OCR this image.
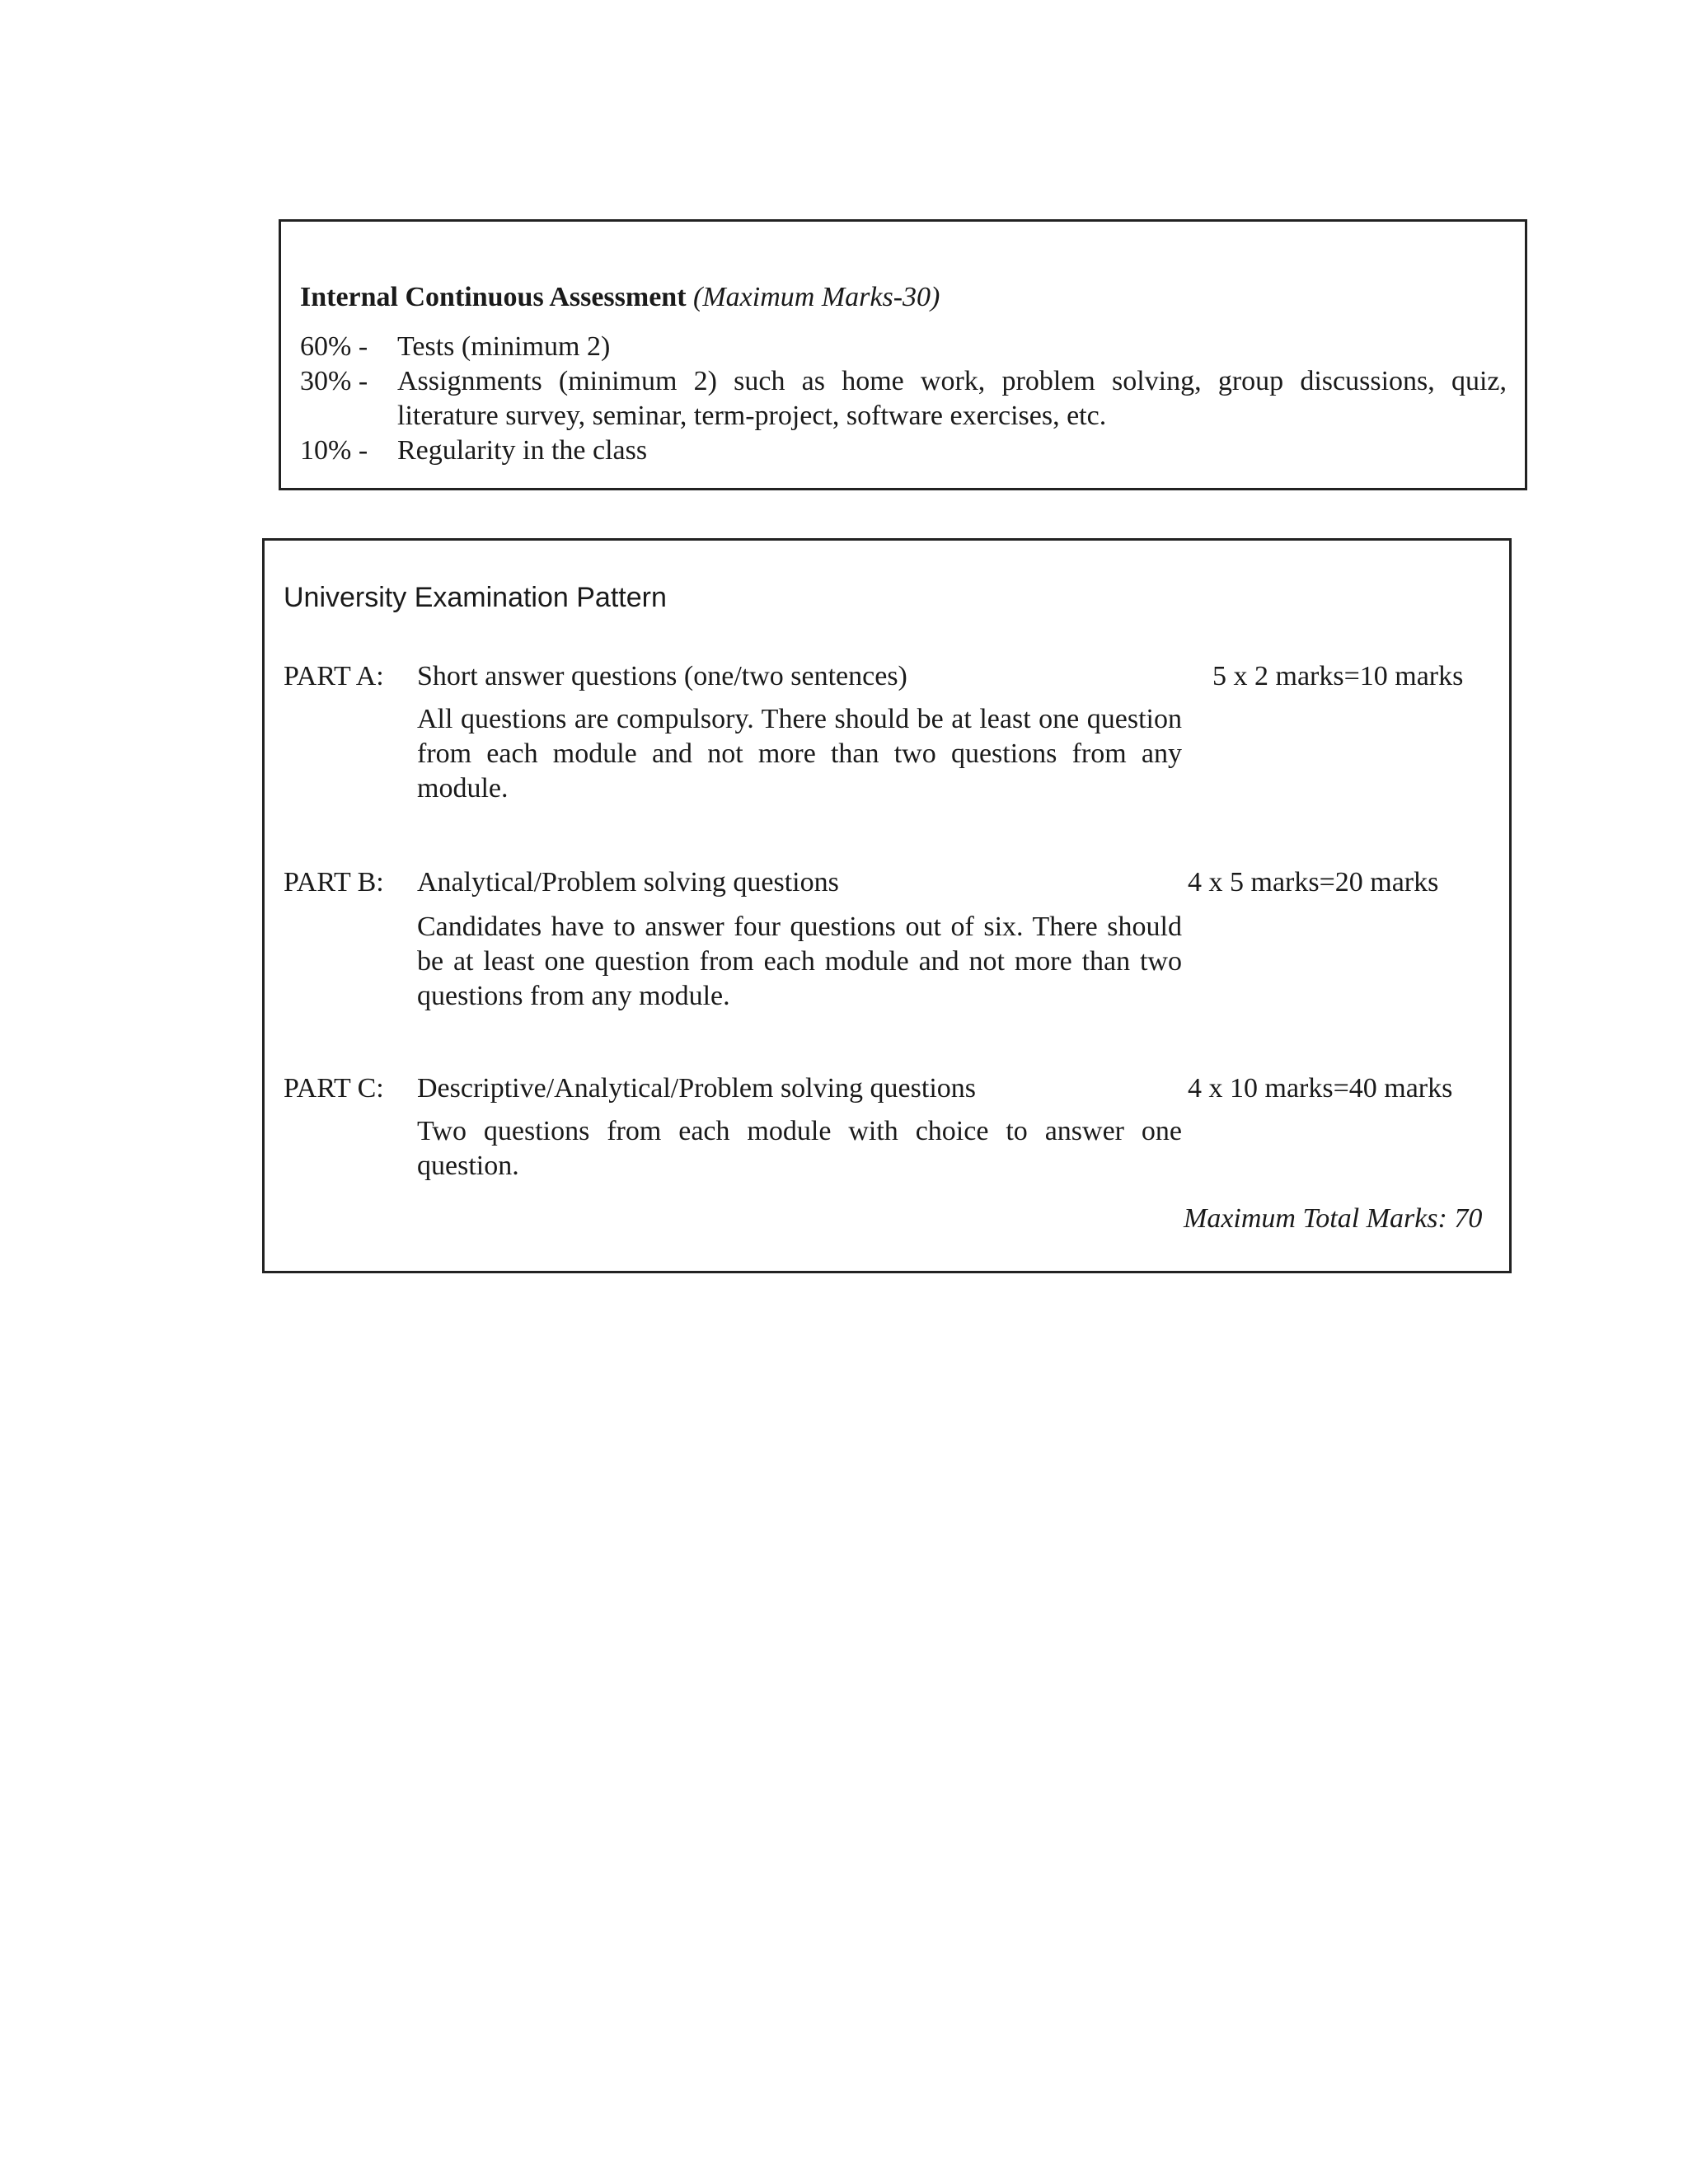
Internal Continuous Assessment (Maximum Marks-30)
60% - Tests (minimum 2)
30% - Assignments (minimum 2) such as home work, problem solving, group discussions, quiz, literature survey, seminar, term-project, software exercises, etc.
10% - Regularity in the class
University Examination Pattern
PART A: Short answer questions (one/two sentences)	5 x 2 marks=10 marks
All questions are compulsory. There should be at least one question from each module and not more than two questions from any module.
PART B: Analytical/Problem solving questions	4 x 5 marks=20 marks
Candidates have to answer four questions out of six. There should be at least one question from each module and not more than two questions from any module.
PART C: Descriptive/Analytical/Problem solving questions	4 x 10 marks=40 marks
Two questions from each module with choice to answer one question.
Maximum Total Marks: 70
